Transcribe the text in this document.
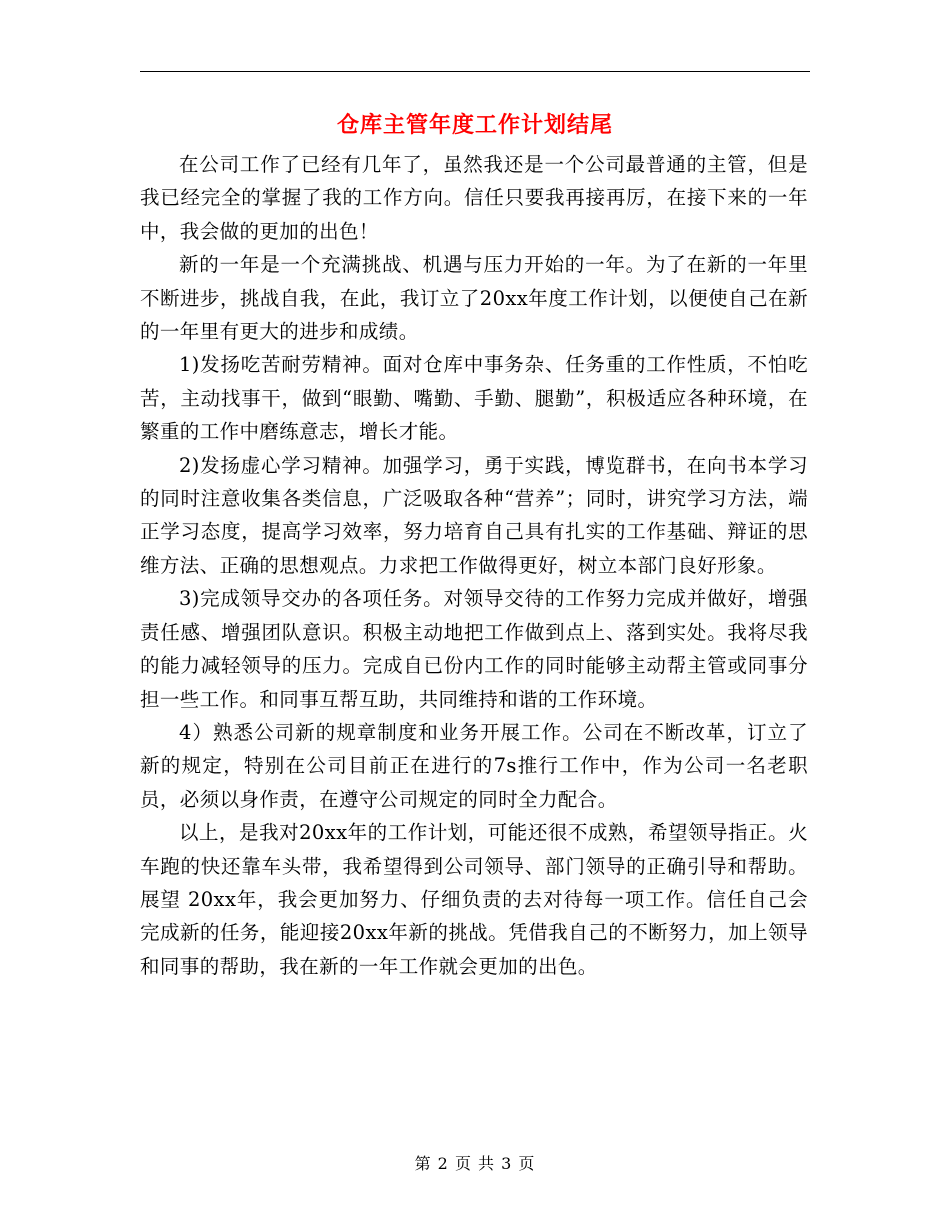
仓库主管年度工作计划结尾

在公司工作了已经有几年了，虽然我还是一个公司最普通的主管，但是我已经完全的掌握了我的工作方向。信任只要我再接再厉，在接下来的一年中，我会做的更加的出色！

新的一年是一个充满挑战、机遇与压力开始的一年。为了在新的一年里不断进步，挑战自我，在此，我订立了20xx年度工作计划，以便使自己在新的一年里有更大的进步和成绩。

1)发扬吃苦耐劳精神。面对仓库中事务杂、任务重的工作性质，不怕吃苦，主动找事干，做到“眼勤、嘴勤、手勤、腿勤”，积极适应各种环境，在繁重的工作中磨练意志，增长才能。

2)发扬虚心学习精神。加强学习，勇于实践，博览群书，在向书本学习的同时注意收集各类信息，广泛吸取各种“营养”；同时，讲究学习方法，端正学习态度，提高学习效率，努力培育自己具有扎实的工作基础、辩证的思维方法、正确的思想观点。力求把工作做得更好，树立本部门良好形象。

3)完成领导交办的各项任务。对领导交待的工作努力完成并做好，增强责任感、增强团队意识。积极主动地把工作做到点上、落到实处。我将尽我的能力减轻领导的压力。完成自已份内工作的同时能够主动帮主管或同事分担一些工作。和同事互帮互助，共同维持和谐的工作环境。

4）熟悉公司新的规章制度和业务开展工作。公司在不断改革，订立了新的规定，特别在公司目前正在进行的7s推行工作中，作为公司一名老职员，必须以身作责，在遵守公司规定的同时全力配合。

以上，是我对20xx年的工作计划，可能还很不成熟，希望领导指正。火车跑的快还靠车头带，我希望得到公司领导、部门领导的正确引导和帮助。展望 20xx年，我会更加努力、仔细负责的去对待每一项工作。信任自己会完成新的任务，能迎接20xx年新的挑战。凭借我自己的不断努力，加上领导和同事的帮助，我在新的一年工作就会更加的出色。

第 2 页 共 3 页
